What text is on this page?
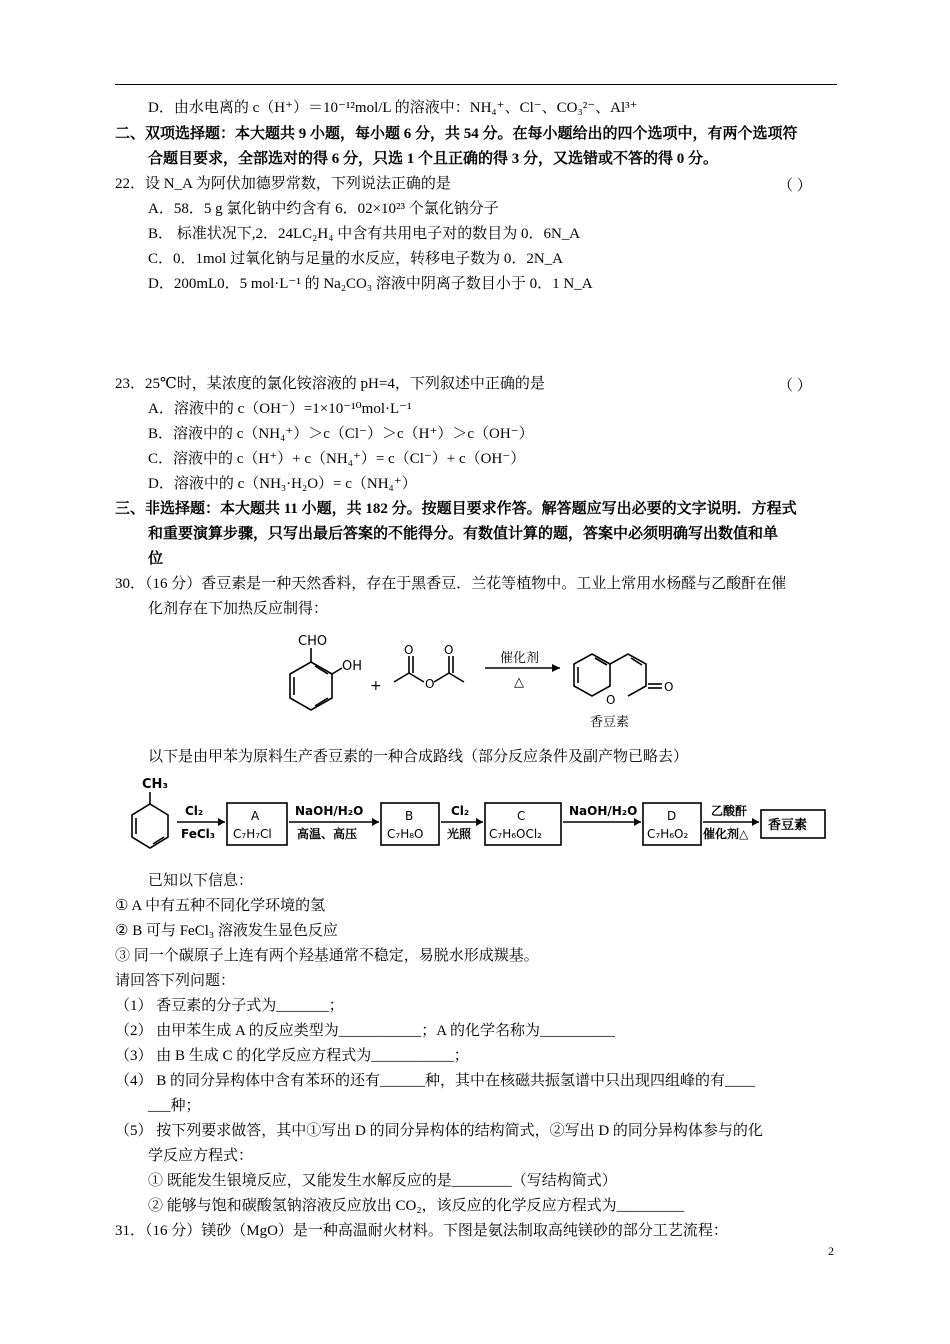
D．由水电离的 c（H⁺）＝10⁻¹²mol/L 的溶液中：NH₄⁺、Cl⁻、CO₃²⁻、Al³⁺
二、双项选择题：本大题共 9 小题，每小题 6 分，共 54 分。在每小题给出的四个选项中，有两个选项符
合题目要求，全部选对的得 6 分，只选 1 个且正确的得 3 分，又选错或不答的得 0 分。
22．设 N_A 为阿伏加德罗常数，下列说法正确的是	（ ）
A．58．5 g 氯化钠中约含有 6．02×10²³ 个氯化钠分子
B． 标准状况下,2．24LC₂H₄ 中含有共用电子对的数目为 0．6N_A
C．0．1mol 过氧化钠与足量的水反应，转移电子数为 0．2N_A
D．200mL0．5 mol·L⁻¹ 的 Na₂CO₃ 溶液中阴离子数目小于 0．1 N_A
23．25℃时，某浓度的氯化铵溶液的 pH=4，下列叙述中正确的是	（ ）
A．溶液中的 c（OH⁻）=1×10⁻¹⁰mol·L⁻¹
B．溶液中的 c（NH₄⁺）＞c（Cl⁻）＞c（H⁺）＞c（OH⁻）
C．溶液中的 c（H⁺）+ c（NH₄⁺）= c（Cl⁻）+ c（OH⁻）
D．溶液中的 c（NH₃·H₂O）= c（NH₄⁺）
三、非选择题：本大题共 11 小题，共 182 分。按题目要求作答。解答题应写出必要的文字说明．方程式
和重要演算步骤，只写出最后答案的不能得分。有数值计算的题，答案中必须明确写出数值和单
位
30．（16 分）香豆素是一种天然香料，存在于黑香豆．兰花等植物中。工业上常用水杨醛与乙酸酐在催
化剂存在下加热反应制得：
CHO
OH
+
O	O
O
催化剂
△
O
O
香豆素
以下是由甲苯为原料生产香豆素的一种合成路线（部分反应条件及副产物已略去）
CH₃
Cl₂
FeCl₃
A
C₇H₇Cl
NaOH/H₂O
高温、高压
B
C₇H₈O
Cl₂
光照
C
C₇H₆OCl₂
NaOH/H₂O D
C₇H₆O₂
乙酸酐
催化剂△
香豆素
已知以下信息：
① A 中有五种不同化学环境的氢
② B 可与 FeCl₃ 溶液发生显色反应
③ 同一个碳原子上连有两个羟基通常不稳定，易脱水形成羰基。
请回答下列问题：
（1） 香豆素的分子式为_______；
（2） 由甲苯生成 A 的反应类型为___________；A 的化学名称为__________
（3） 由 B 生成 C 的化学反应方程式为___________；
（4） B 的同分异构体中含有苯环的还有______种，其中在核磁共振氢谱中只出现四组峰的有____
___种；
（5） 按下列要求做答，其中①写出 D 的同分异构体的结构简式，②写出 D 的同分异构体参与的化
学反应方程式：
① 既能发生银境反应，又能发生水解反应的是________（写结构简式）
② 能够与饱和碳酸氢钠溶液反应放出 CO₂，该反应的化学反应方程式为_________
31．（16 分）镁砂（MgO）是一种高温耐火材料。下图是氨法制取高纯镁砂的部分工艺流程：
2
